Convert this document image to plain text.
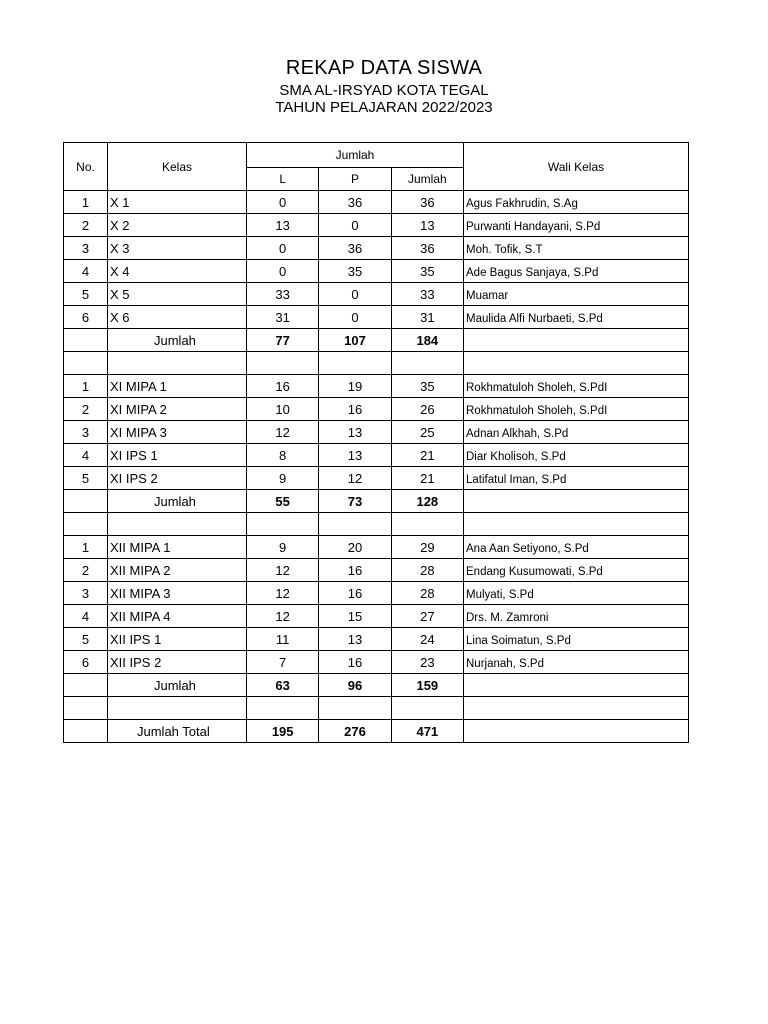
REKAP DATA SISWA
SMA AL-IRSYAD KOTA TEGAL
TAHUN PELAJARAN 2022/2023
No.	Kelas	Jumlah			Wali Kelas
		L	P	Jumlah	
1	X 1	0	36	36	Agus Fakhrudin, S.Ag
2	X 2	13	0	13	Purwanti Handayani, S.Pd
3	X 3	0	36	36	Moh. Tofik, S.T
4	X 4	0	35	35	Ade Bagus Sanjaya, S.Pd
5	X 5	33	0	33	Muamar
6	X 6	31	0	31	Maulida Alfi Nurbaeti, S.Pd
	Jumlah	77	107	184	

1	XI MIPA 1	16	19	35	Rokhmatuloh Sholeh, S.PdI
2	XI MIPA 2	10	16	26	Rokhmatuloh Sholeh, S.PdI
3	XI MIPA 3	12	13	25	Adnan Alkhah, S.Pd
4	XI IPS 1	8	13	21	Diar Kholisoh, S.Pd
5	XI IPS 2	9	12	21	Latifatul Iman, S.Pd
	Jumlah	55	73	128	

1	XII MIPA 1	9	20	29	Ana Aan Setiyono, S.Pd
2	XII MIPA 2	12	16	28	Endang Kusumowati, S.Pd
3	XII MIPA 3	12	16	28	Mulyati, S.Pd
4	XII MIPA 4	12	15	27	Drs. M. Zamroni
5	XII IPS 1	11	13	24	Lina Soimatun, S.Pd
6	XII IPS 2	7	16	23	Nurjanah, S.Pd
	Jumlah	63	96	159	

	Jumlah Total	195	276	471	
